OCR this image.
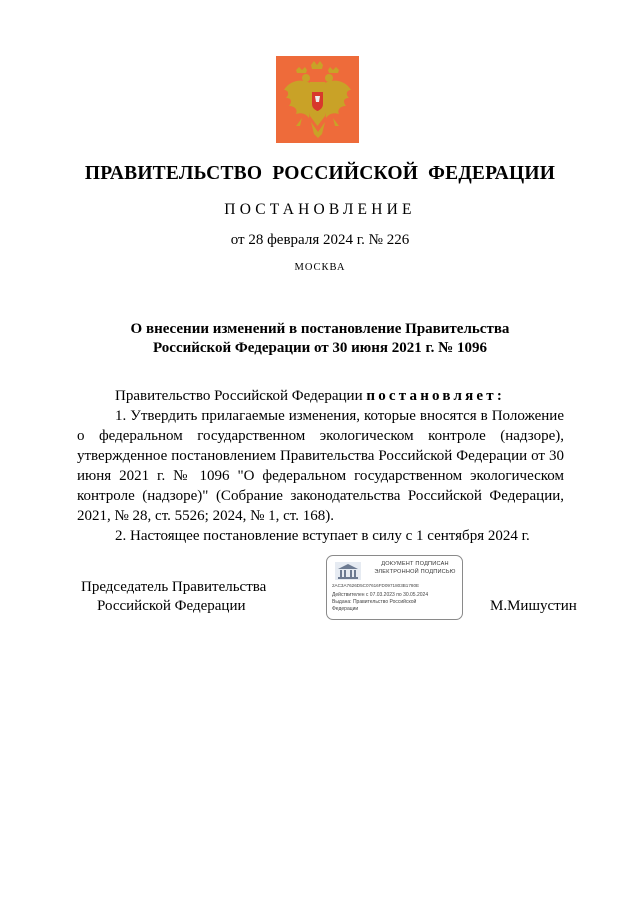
ПРАВИТЕЛЬСТВО РОССИЙСКОЙ ФЕДЕРАЦИИ
ПОСТАНОВЛЕНИЕ
от 28 февраля 2024 г. № 226
МОСКВА
О внесении изменений в постановление Правительства
Российской Федерации от 30 июня 2021 г. № 1096
Правительство Российской Федерации постановляет:
1. Утвердить прилагаемые изменения, которые вносятся в Положение о федеральном государственном экологическом контроле (надзоре), утвержденное постановлением Правительства Российской Федерации от 30 июня 2021 г. № 1096 "О федеральном государственном экологическом контроле (надзоре)" (Собрание законодательства Российской Федерации, 2021, № 28, ст. 5526; 2024, № 1, ст. 168).
2. Настоящее постановление вступает в силу с 1 сентября 2024 г.
Председатель Правительства
Российской Федерации	М.Мишустин
ДОКУМЕНТ ПОДПИСАН
ЭЛЕКТРОННОЙ ПОДПИСЬЮ
2AC3A7626D5C07616FD0971803B1780E
Действителен с 07.03.2023 по 30.05.2024
Выдана: Правительство Российской
Федерации
